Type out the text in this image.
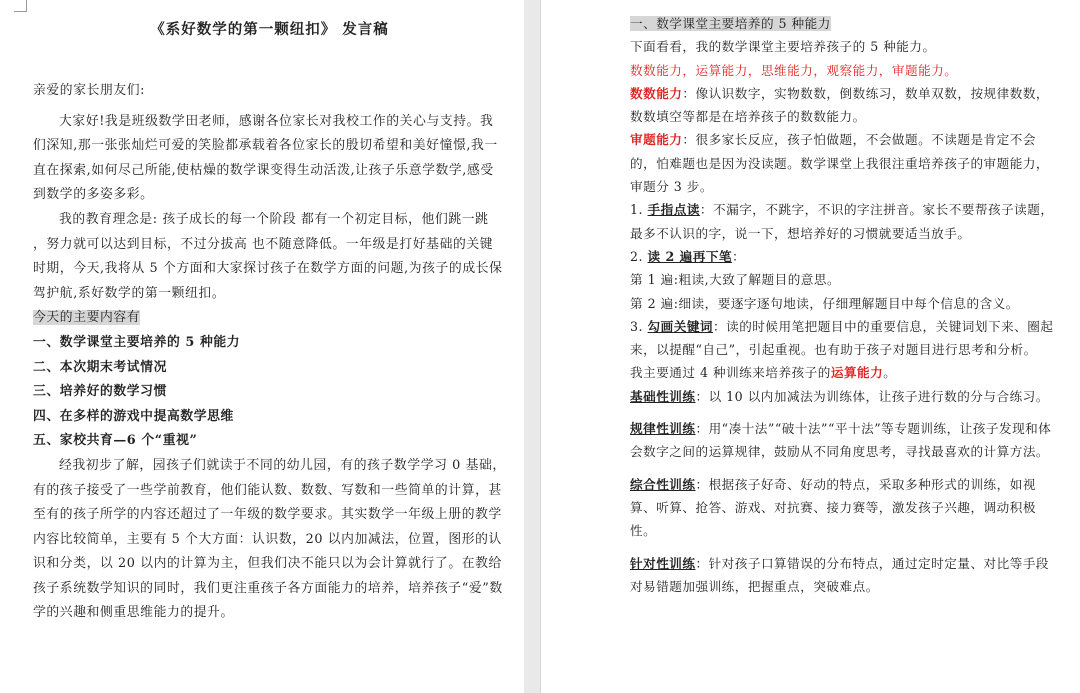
《系好数学的第一颗纽扣》 发言稿

亲爱的家长朋友们:

大家好!我是班级数学田老师，感谢各位家长对我校工作的关心与支持。我们深知,那一张张灿烂可爱的笑脸都承载着各位家长的殷切希望和美好憧憬,我一直在探索,如何尽己所能,使枯燥的数学课变得生动活泼,让孩子乐意学数学,感受到数学的多姿多彩。

我的教育理念是: 孩子成长的每一个阶段 都有一个初定目标，他们跳一跳 ，努力就可以达到目标，不过分拔高 也不随意降低。一年级是打好基础的关键时期，今天,我将从 5 个方面和大家探讨孩子在数学方面的问题,为孩子的成长保驾护航,系好数学的第一颗纽扣。

今天的主要内容有

一、数学课堂主要培养的 5 种能力

二、本次期末考试情况

三、培养好的数学习惯

四、在多样的游戏中提高数学思维

五、家校共育—6 个“重视”

经我初步了解，园孩子们就读于不同的幼儿园，有的孩子数学学习 0 基础，有的孩子接受了一些学前教育，他们能认数、数数、写数和一些简单的计算，甚至有的孩子所学的内容还超过了一年级的数学要求。其实数学一年级上册的教学内容比较简单，主要有 5 个大方面：认识数，20 以内加减法，位置，图形的认识和分类，以 20 以内的计算为主，但我们决不能只以为会计算就行了。在教给孩子系统数学知识的同时，我们更注重孩子各方面能力的培养，培养孩子“爱”数学的兴趣和侧重思维能力的提升。

一、数学课堂主要培养的 5 种能力

下面看看，我的数学课堂主要培养孩子的 5 种能力。

数数能力，运算能力，思维能力，观察能力，审题能力。

数数能力：像认识数字，实物数数，倒数练习，数单双数，按规律数数，数数填空等都是在培养孩子的数数能力。

审题能力：很多家长反应，孩子怕做题，不会做题。不读题是肯定不会的，怕难题也是因为没读题。数学课堂上我很注重培养孩子的审题能力，审题分 3 步。

1. 手指点读：不漏字，不跳字，不识的字注拼音。家长不要帮孩子读题，最多不认识的字，说一下，想培养好的习惯就要适当放手。

2. 读 2 遍再下笔：

第 1 遍:粗读,大致了解题目的意思。

第 2 遍:细读，要逐字逐句地读，仔细理解题目中每个信息的含义。

3. 勾画关键词：读的时候用笔把题目中的重要信息，关键词划下来、圈起来，以提醒“自己”，引起重视。也有助于孩子对题目进行思考和分析。

我主要通过 4 种训练来培养孩子的运算能力。

基础性训练：以 10 以内加减法为训练体，让孩子进行数的分与合练习。

规律性训练：用“凑十法”“破十法”“平十法”等专题训练，让孩子发现和体会数字之间的运算规律，鼓励从不同角度思考，寻找最喜欢的计算方法。

综合性训练：根据孩子好奇、好动的特点，采取多种形式的训练，如视算、听算、抢答、游戏、对抗赛、接力赛等，激发孩子兴趣，调动积极性。

针对性训练：针对孩子口算错误的分布特点，通过定时定量、对比等手段对易错题加强训练，把握重点，突破难点。
